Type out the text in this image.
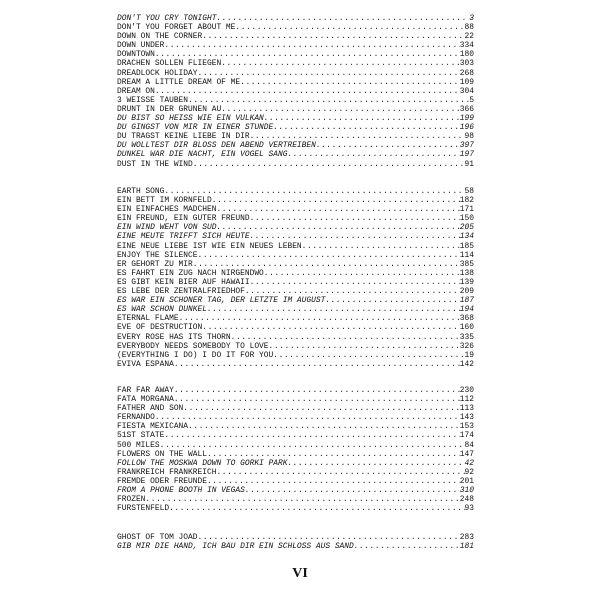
DON'T YOU CRY TONIGHT .....	3
DON'T YOU FORGET ABOUT ME .....	88
DOWN ON THE CORNER .....	22
DOWN UNDER .....	334
DOWNTOWN .....	180
DRACHEN SOLLEN FLIEGEN .....	303
DREADLOCK HOLIDAY .....	268
DREAM A LITTLE DREAM OF ME .....	109
DREAM ON .....	304
3 WEISSE TAUBEN .....	5
DRUNT IN DER GRÜNEN AU .....	366
DU BIST SO HEISS WIE EIN VULKAN .....	199
DU GINGST VON MIR IN EINER STUNDE .....	196
DU TRÄGST KEINE LIEBE IN DIR .....	98
DU WOLLTEST DIR BLOSS DEN ABEND VERTREIBEN .....	397
DUNKEL WAR DIE NACHT, EIN VOGEL SANG .....	197
DUST IN THE WIND .....	91
EARTH SONG .....	58
EIN BETT IM KORNFELD .....	182
EIN EINFACHES MÄDCHEN .....	171
EIN FREUND, EIN GUTER FREUND .....	150
EIN WIND WEHT VON SÜD .....	205
EINE MEUTE TRIFFT SICH HEUTE .....	134
EINE NEUE LIEBE IST WIE EIN NEUES LEBEN .....	185
ENJOY THE SILENCE .....	114
ER GEHÖRT ZU MIR .....	385
ES FÄHRT EIN ZUG NACH NIRGENDWO .....	138
ES GIBT KEIN BIER AUF HAWAII .....	139
ES LEBE DER ZENTRALFRIEDHOF .....	209
ES WAR EIN SCHÖNER TAG, DER LETZTE IM AUGUST .....	187
ES WAR SCHON DUNKEL .....	194
ETERNAL FLAME .....	368
EVE OF DESTRUCTION .....	160
EVERY ROSE HAS ITS THORN .....	335
EVERYBODY NEEDS SOMEBODY TO LOVE .....	326
(EVERYTHING I DO) I DO IT FOR YOU .....	19
EVIVA ESPAÑA .....	142
FAR FAR AWAY .....	230
FATA MORGANA .....	112
FATHER AND SON .....	113
FERNANDO .....	143
FIESTA MEXICANA .....	153
51ST STATE .....	174
500 MILES .....	84
FLOWERS ON THE WALL .....	147
FOLLOW THE MOSKWA DOWN TO GORKI PARK .....	42
FRANKREICH FRANKREICH .....	92
FREMDE ODER FREUNDE .....	201
FROM A PHONE BOOTH IN VEGAS .....	310
FROZEN .....	248
FÜRSTENFELD .....	93
GHOST OF TOM JOAD .....	283
GIB MIR DIE HAND, ICH BAU DIR EIN SCHLOSS AUS SAND .....	181
VI
